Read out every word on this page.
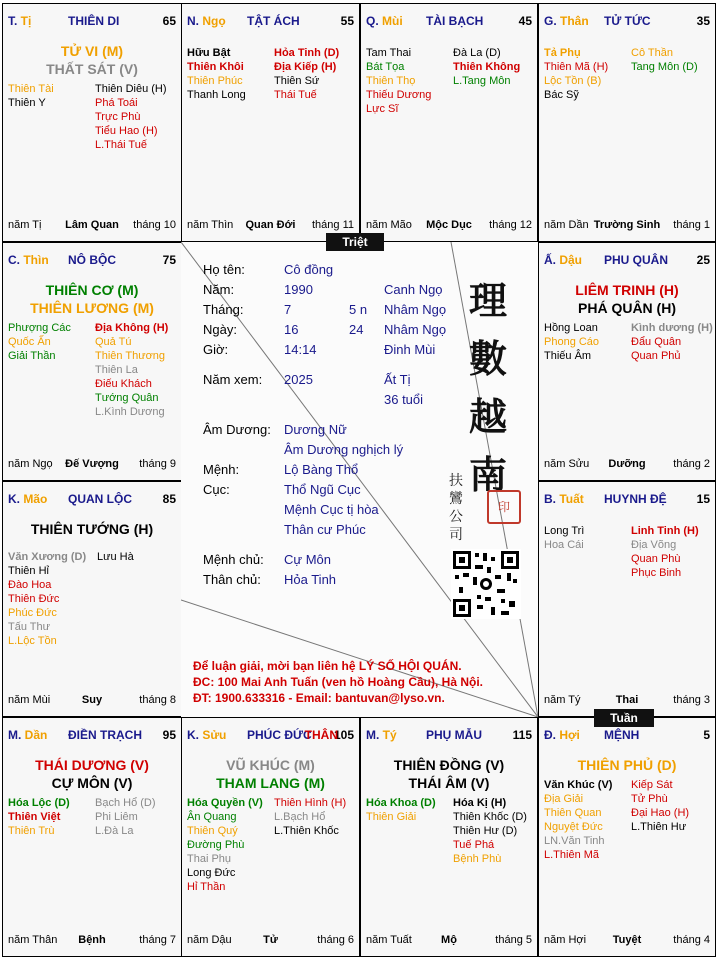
T. Tị	THIÊN DI	65
TỬ VI (M)
THẤT SÁT (V)
Thiên Tài
Thiên Y
Thiên Diêu (H)
Phá Toái
Trực Phù
Tiểu Hao (H)
L.Thái Tuế
năm Tị	Lâm Quan	tháng 10
N. Ngọ TẬT ÁCH	55
Hữu Bật
Thiên Khôi
Thiên Phúc
Thanh Long
Hỏa Tinh (D)
Địa Kiếp (H)
Thiên Sứ
Thái Tuế
năm Thìn	Quan Đới	tháng 11
Q. Mùi TÀI BẠCH	45
Tam Thai
Bát Tọa
Thiên Thọ
Thiếu Dương
Lực Sĩ
Đà La (D)
Thiên Không
L.Tang Môn
năm Mão	Mộc Dục	tháng 12
G. Thân TỬ TỨC	35
Tả Phụ
Thiên Mã (H)
Lộc Tồn (B)
Bác Sỹ
Cô Thần
Tang Môn (D)
năm Dần Trường Sinh	tháng 1
C. Thìn NÔ BỘC	75
THIÊN CƠ (M)
THIÊN LƯƠNG (M)
Phượng Các
Quốc Ấn
Giải Thần
Địa Không (H)
Quả Tú
Thiên Thương
Thiên La
Điếu Khách
Tướng Quân
L.Kình Dương
năm Ngọ	Đế Vượng	tháng 9
Ấ. Dậu PHU QUÂN 25
LIÊM TRINH (H)
PHÁ QUÂN (H)
Hồng Loan
Phong Cáo
Thiếu Âm
Kình dương (H)
Đẩu Quân
Quan Phủ
năm Sửu	Dưỡng	tháng 2
K. Mão QUAN LỘC	85
THIÊN TƯỚNG (H)
Văn Xương (D)
Thiên Hỉ
Đào Hoa
Thiên Đức
Phúc Đức
Tấu Thư
L.Lộc Tồn
Lưu Hà
năm Mùi	Suy	tháng 8
B. Tuất HUYNH ĐỆ 15
Long Trì
Hoa Cái
Linh Tinh (H)
Địa Võng
Quan Phù
Phục Binh
năm Tý	Thai	tháng 3
M. Dần ĐIỀN TRẠCH 95
THÁI DƯƠNG (V)
CỰ MÔN (V)
Hóa Lộc (D)
Thiên Việt
Thiên Trù
Bạch Hổ (D)
Phi Liêm
L.Đà La
năm Thân	Bệnh	tháng 7
K. Sửu PHÚC ĐỨC 105
THÂN
VŨ KHÚC (M)
THAM LANG (M)
Hóa Quyền (V)
Ân Quang
Thiên Quý
Đường Phù
Thai Phụ
Long Đức
Hỉ Thần
Thiên Hình (H)
L.Bạch Hổ
L.Thiên Khốc
năm Dậu	Tử	tháng 6
M. Tý PHỤ MẪU	115
THIÊN ĐỒNG (V)
THÁI ÂM (V)
Hóa Khoa (D)
Thiên Giải
Hóa Kị (H)
Thiên Khốc (D)
Thiên Hư (D)
Tuế Phá
Bệnh Phù
năm Tuất	Mộ	tháng 5
Đ. Hợi MỆNH	5
THIÊN PHỦ (D)
Văn Khúc (V)
Địa Giải
Thiên Quan
Nguyệt Đức
LN.Văn Tinh
L.Thiên Mã
Kiếp Sát
Tử Phù
Đại Hao (H)
L.Thiên Hư
năm Hợi	Tuyệt	tháng 4
Họ tên:	Cô đồng
Năm:	1990	Canh Ngọ
Tháng:	7	5 n Nhâm Ngọ
Ngày:	16	24 Nhâm Ngọ
Giờ:	14:14	Đinh Mùi
Năm xem: 2025	Ất Tị
36 tuổi
Âm Dương: Dương Nữ
Âm Dương nghịch lý
Mệnh:	Lộ Bàng Thổ
Cục:	Thổ Ngũ Cục
Mệnh Cục tị hòa
Thân cư Phúc
Mệnh chủ: Cự Môn
Thân chủ: Hỏa Tinh
理數越南
扶鸞公司
印
Để luận giải, mời bạn liên hệ LÝ SỐ HỘI QUÁN.
ĐC: 100 Mai Anh Tuấn (ven hồ Hoàng Cầu), Hà Nội.
ĐT: 1900.633316 - Email: bantuvan@lyso.vn.
Triệt
Tuần
